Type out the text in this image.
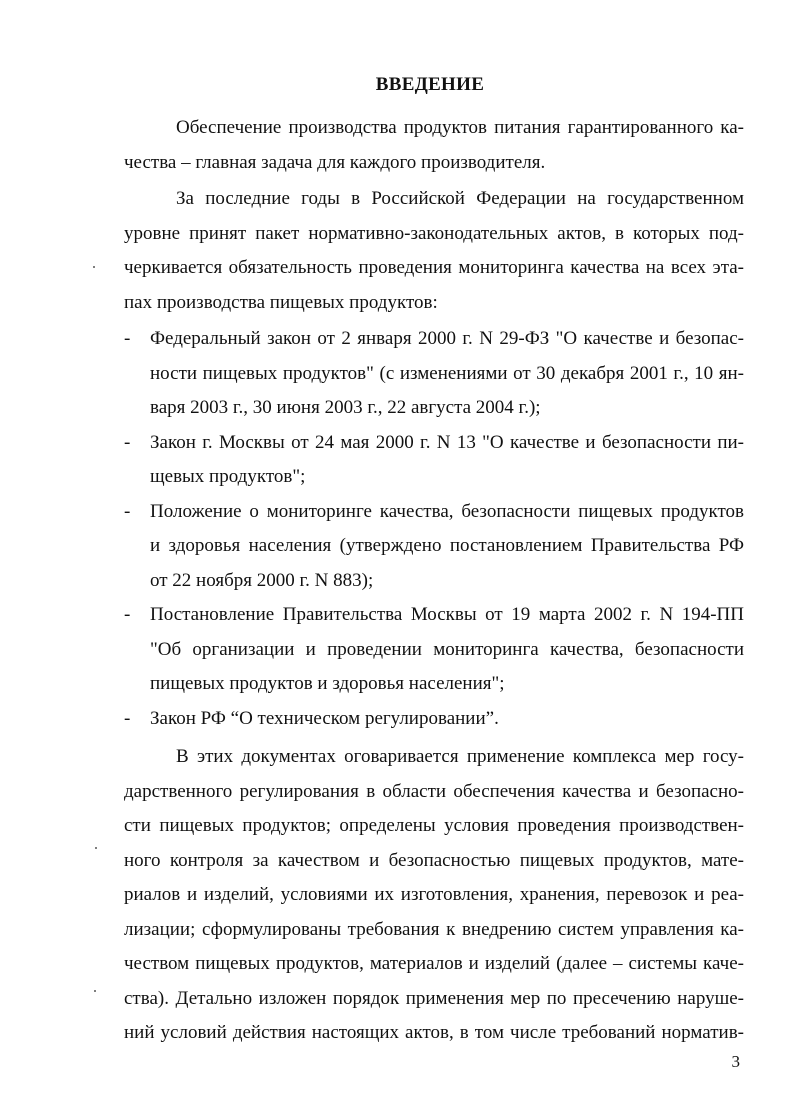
ВВЕДЕНИЕ

Обеспечение производства продуктов питания гарантированного ка-
чества – главная задача для каждого производителя.

За последние годы в Российской Федерации на государственном
уровне принят пакет нормативно-законодательных актов, в которых под-
черкивается обязательность проведения мониторинга качества на всех эта-
пах производства пищевых продуктов:

- Федеральный закон от 2 января 2000 г. N 29-ФЗ "О качестве и безопас-
ности пищевых продуктов" (с изменениями от 30 декабря 2001 г., 10 ян-
варя 2003 г., 30 июня 2003 г., 22 августа 2004 г.);
- Закон г. Москвы от 24 мая 2000 г. N 13 "О качестве и безопасности пи-
щевых продуктов";
- Положение о мониторинге качества, безопасности пищевых продуктов
и здоровья населения (утверждено постановлением Правительства РФ
от 22 ноября 2000 г. N 883);
- Постановление Правительства Москвы от 19 марта 2002 г. N 194-ПП
"Об организации и проведении мониторинга качества, безопасности
пищевых продуктов и здоровья населения";
- Закон РФ “О техническом регулировании”.

В этих документах оговаривается применение комплекса мер госу-
дарственного регулирования в области обеспечения качества и безопасно-
сти пищевых продуктов; определены условия проведения производствен-
ного контроля за качеством и безопасностью пищевых продуктов, мате-
риалов и изделий, условиями их изготовления, хранения, перевозок и реа-
лизации; сформулированы требования к внедрению систем управления ка-
чеством пищевых продуктов, материалов и изделий (далее – системы каче-
ства). Детально изложен порядок применения мер по пресечению наруше-
ний условий действия настоящих актов, в том числе требований норматив-

3
